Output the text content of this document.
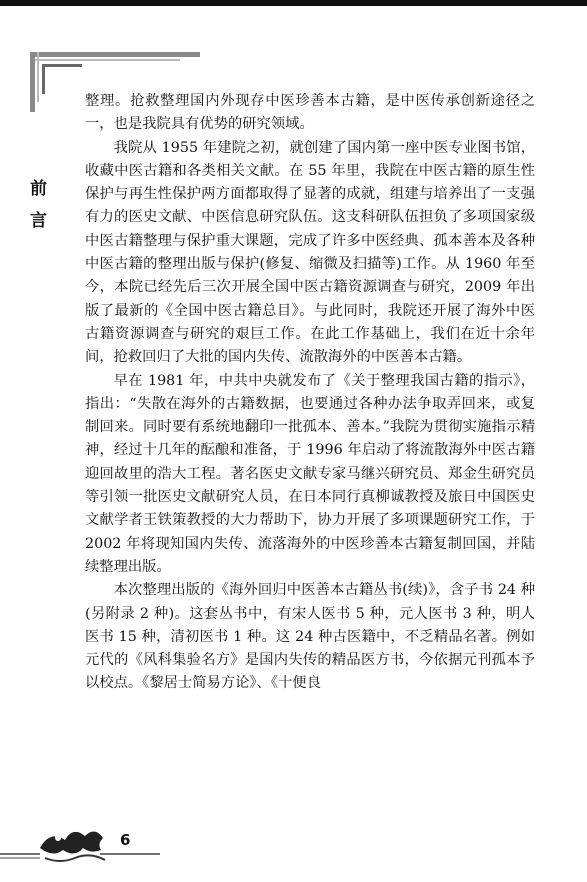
前
言

整理。抢救整理国内外现存中医珍善本古籍，是中医传承创新途径之一，也是我院具有优势的研究领域。

我院从 1955 年建院之初，就创建了国内第一座中医专业图书馆，收藏中医古籍和各类相关文献。在 55 年里，我院在中医古籍的原生性保护与再生性保护两方面都取得了显著的成就，组建与培养出了一支强有力的医史文献、中医信息研究队伍。这支科研队伍担负了多项国家级中医古籍整理与保护重大课题，完成了许多中医经典、孤本善本及各种中医古籍的整理出版与保护(修复、缩微及扫描等)工作。从 1960 年至今，本院已经先后三次开展全国中医古籍资源调查与研究，2009 年出版了最新的《全国中医古籍总目》。与此同时，我院还开展了海外中医古籍资源调查与研究的艰巨工作。在此工作基础上，我们在近十余年间，抢救回归了大批的国内失传、流散海外的中医善本古籍。

早在 1981 年，中共中央就发布了《关于整理我国古籍的指示》，指出：“失散在海外的古籍数据，也要通过各种办法争取弄回来，或复制回来。同时要有系统地翻印一批孤本、善本。”我院为贯彻实施指示精神，经过十几年的酝酿和准备，于 1996 年启动了将流散海外中医古籍迎回故里的浩大工程。著名医史文献专家马继兴研究员、郑金生研究员等引领一批医史文献研究人员，在日本同行真柳诚教授及旅日中国医史文献学者王铁策教授的大力帮助下，协力开展了多项课题研究工作，于 2002 年将现知国内失传、流落海外的中医珍善本古籍复制回国，并陆续整理出版。

本次整理出版的《海外回归中医善本古籍丛书(续)》，含子书 24 种(另附录 2 种)。这套丛书中，有宋人医书 5 种，元人医书 3 种，明人医书 15 种，清初医书 1 种。这 24 种古医籍中，不乏精品名著。例如元代的《风科集验名方》是国内失传的精品医方书，今依据元刊孤本予以校点。《黎居士简易方论》、《十便良

6
